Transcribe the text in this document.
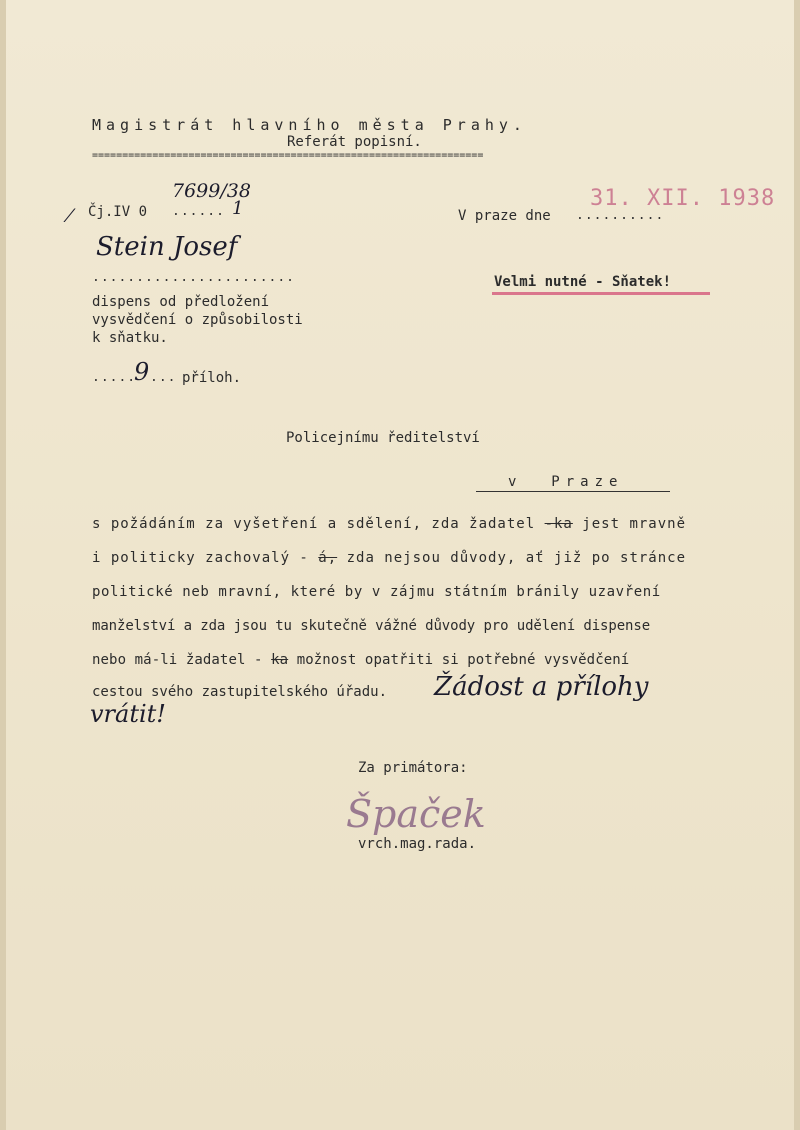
Magistrát hlavního města Prahy.
Referát popisní.
=================================================================
⁄ Čj.IV 0 ......
7699/38
1	V praze dne ..........
31. XII. 1938
Stein Josef
.......................	Velmi nutné - Sňatek!
dispens od předložení
vysvědčení o způsobilosti
k sňatku.
.....
9 ... příloh.
Policejnímu ředitelství
v  Praze
s požádáním za vyšetření a sdělení, zda žadatel -ka jest mravně
i politicky zachovalý - á, zda nejsou důvody, ať již po stránce
politické neb mravní, které by v zájmu státním bránily uzavření
manželství a zda jsou tu skutečně vážné důvody pro udělení dispense
nebo má-li žadatel - ka možnost opatřiti si potřebné vysvědčení
cestou svého zastupitelského úřadu. Žádost a přílohy
vrátit!
Za primátora:
Špaček
vrch.mag.rada.
